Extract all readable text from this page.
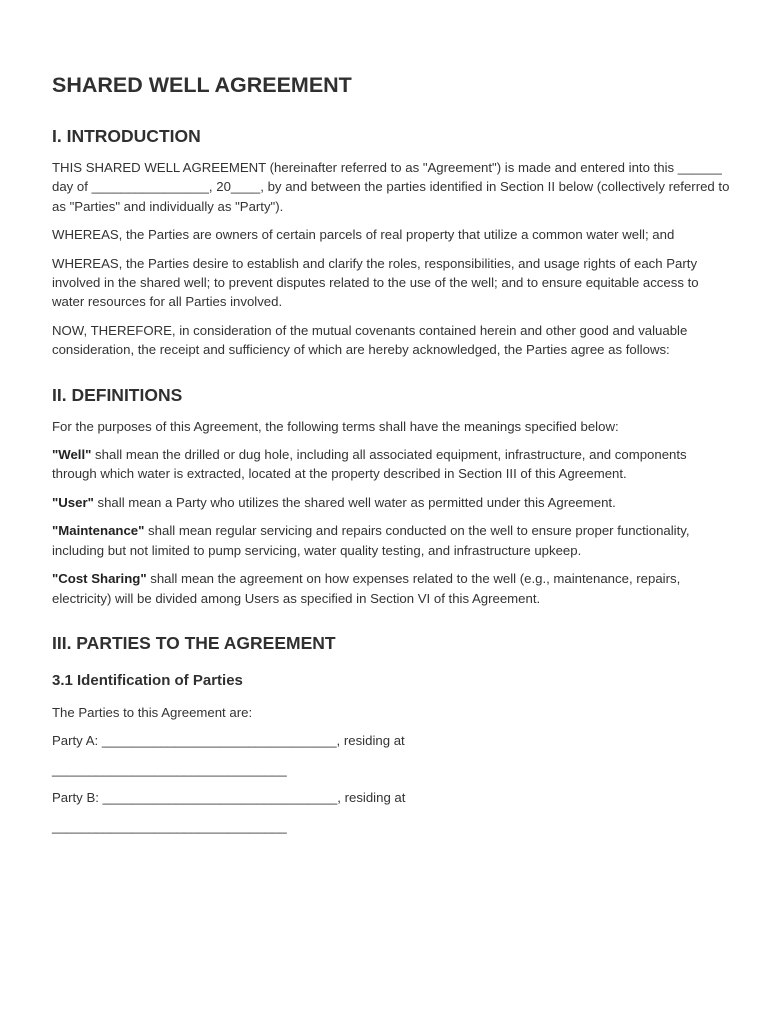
SHARED WELL AGREEMENT
I. INTRODUCTION

THIS SHARED WELL AGREEMENT (hereinafter referred to as "Agreement") is made and entered into this ______ day of ________________, 20____, by and between the parties identified in Section II below (collectively referred to as "Parties" and individually as "Party").

WHEREAS, the Parties are owners of certain parcels of real property that utilize a common water well; and

WHEREAS, the Parties desire to establish and clarify the roles, responsibilities, and usage rights of each Party involved in the shared well; to prevent disputes related to the use of the well; and to ensure equitable access to water resources for all Parties involved.

NOW, THEREFORE, in consideration of the mutual covenants contained herein and other good and valuable consideration, the receipt and sufficiency of which are hereby acknowledged, the Parties agree as follows:

II. DEFINITIONS

For the purposes of this Agreement, the following terms shall have the meanings specified below:

"Well" shall mean the drilled or dug hole, including all associated equipment, infrastructure, and components through which water is extracted, located at the property described in Section III of this Agreement.

"User" shall mean a Party who utilizes the shared well water as permitted under this Agreement.

"Maintenance" shall mean regular servicing and repairs conducted on the well to ensure proper functionality, including but not limited to pump servicing, water quality testing, and infrastructure upkeep.

"Cost Sharing" shall mean the agreement on how expenses related to the well (e.g., maintenance, repairs, electricity) will be divided among Users as specified in Section VI of this Agreement.

III. PARTIES TO THE AGREEMENT
3.1 Identification of Parties

The Parties to this Agreement are:

Party A: ________________________________, residing at

________________________________

Party B: ________________________________, residing at

________________________________
